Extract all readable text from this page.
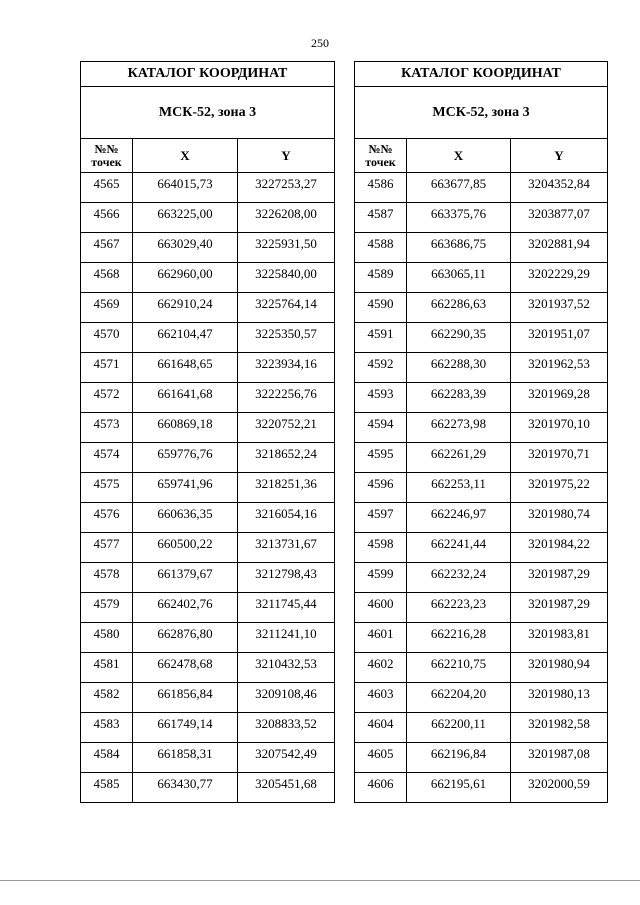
250
КАТАЛОГ КООРДИНАТ		
МСК-52, зона 3		
№№
точек	X	Y
4565	664015,73	3227253,27
4566	663225,00	3226208,00
4567	663029,40	3225931,50
4568	662960,00	3225840,00
4569	662910,24	3225764,14
4570	662104,47	3225350,57
4571	661648,65	3223934,16
4572	661641,68	3222256,76
4573	660869,18	3220752,21
4574	659776,76	3218652,24
4575	659741,96	3218251,36
4576	660636,35	3216054,16
4577	660500,22	3213731,67
4578	661379,67	3212798,43
4579	662402,76	3211745,44
4580	662876,80	3211241,10
4581	662478,68	3210432,53
4582	661856,84	3209108,46
4583	661749,14	3208833,52
4584	661858,31	3207542,49
4585	663430,77	3205451,68
КАТАЛОГ КООРДИНАТ		
МСК-52, зона 3		
№№
точек	X	Y
4586	663677,85	3204352,84
4587	663375,76	3203877,07
4588	663686,75	3202881,94
4589	663065,11	3202229,29
4590	662286,63	3201937,52
4591	662290,35	3201951,07
4592	662288,30	3201962,53
4593	662283,39	3201969,28
4594	662273,98	3201970,10
4595	662261,29	3201970,71
4596	662253,11	3201975,22
4597	662246,97	3201980,74
4598	662241,44	3201984,22
4599	662232,24	3201987,29
4600	662223,23	3201987,29
4601	662216,28	3201983,81
4602	662210,75	3201980,94
4603	662204,20	3201980,13
4604	662200,11	3201982,58
4605	662196,84	3201987,08
4606	662195,61	3202000,59
